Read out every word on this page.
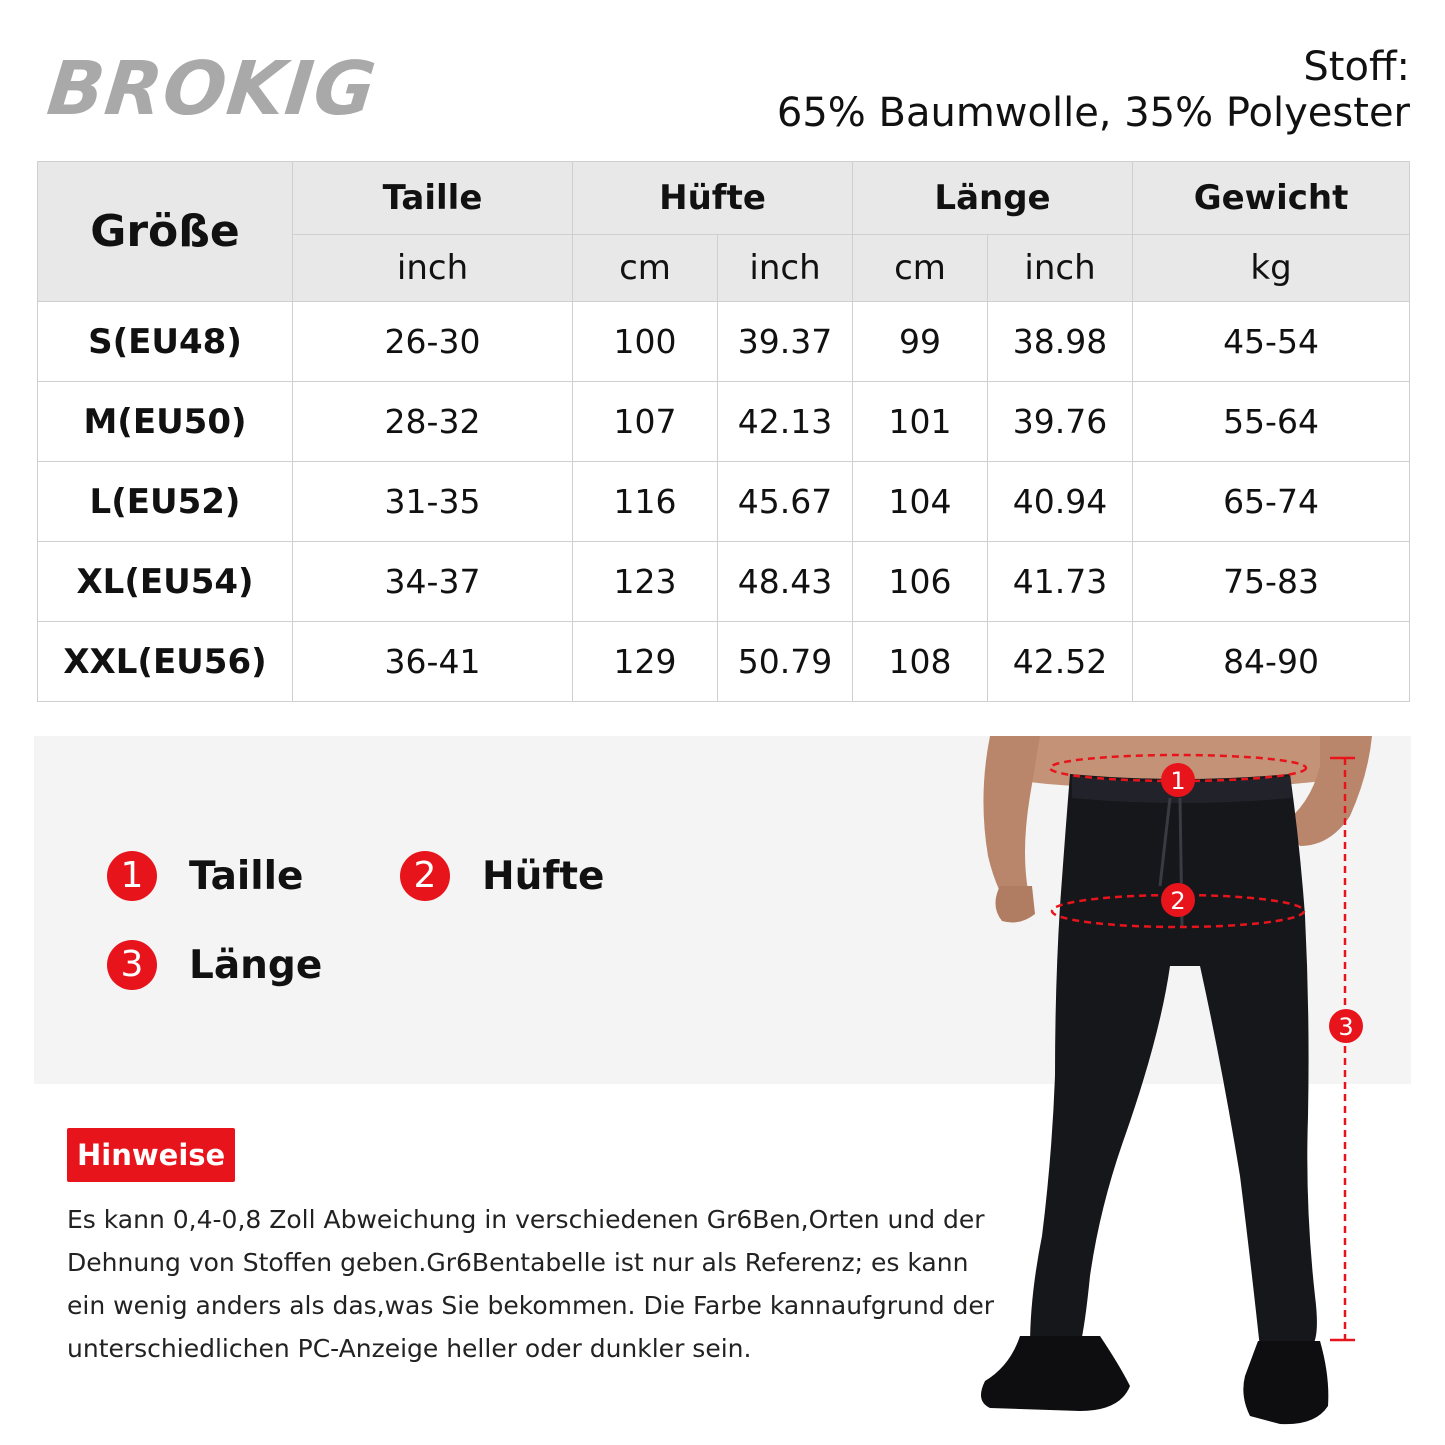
BROKIG	Stoff:
65% Baumwolle, 35% Polyester
Größe	Taille	Hüfte		Länge		Gewicht
	inch	cm	inch	cm	inch	kg
S(EU48)	26-30	100	39.37	99	38.98	45-54
M(EU50)	28-32	107	42.13	101	39.76	55-64
L(EU52)	31-35	116	45.67	104	40.94	65-74
XL(EU54)	34-37	123	48.43	106	41.73	75-83
XXL(EU56)	36-41	129	50.79	108	42.52	84-90
1	Taille	2	Hüfte
3	Länge
1
2
3
Hinweise
Es kann 0,4-0,8 Zoll Abweichung in verschiedenen Gr6Ben,Orten und der
Dehnung von Stoffen geben.Gr6Bentabelle ist nur als Referenz; es kann
ein wenig anders als das,was Sie bekommen. Die Farbe kannaufgrund der
unterschiedlichen PC-Anzeige heller oder dunkler sein.
